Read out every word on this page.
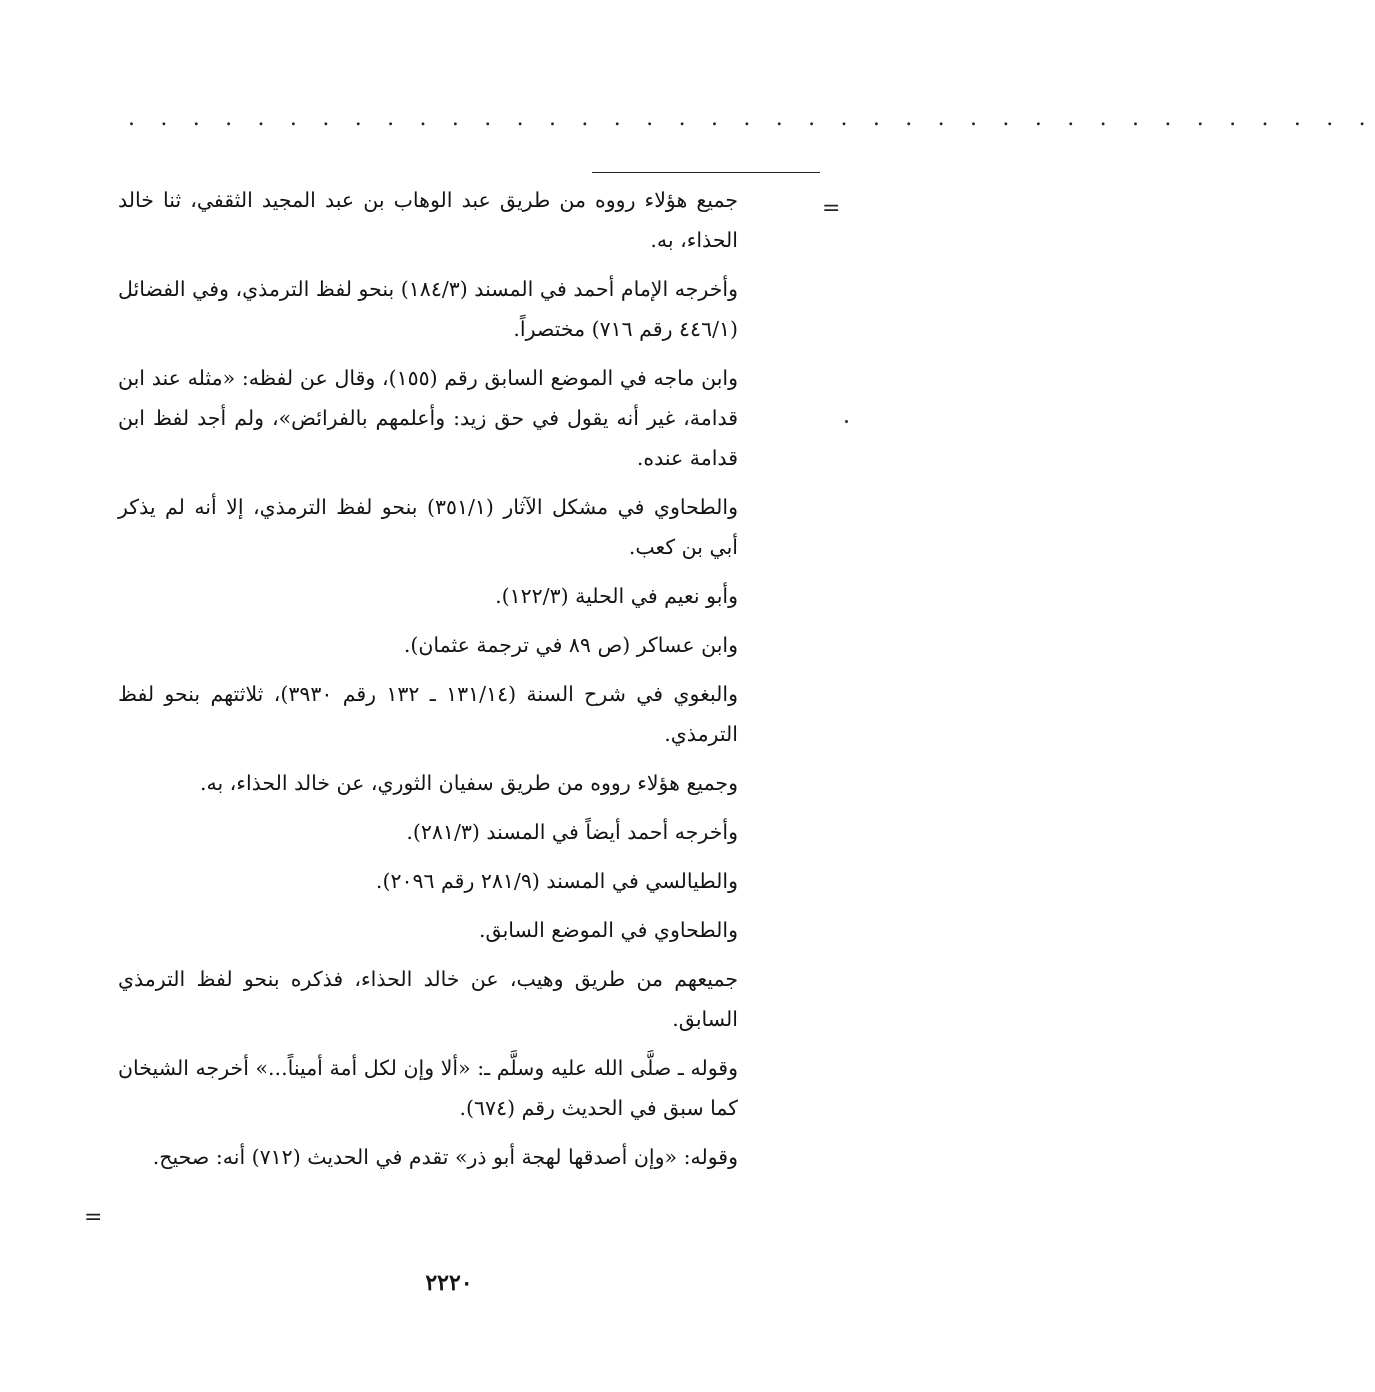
. . . . . . . . . . . . . . . . . . . . . . . . . . . . . . . . . . . . . . .
=

جميع هؤلاء رووه من طريق عبد الوهاب بن عبد المجيد الثقفي، ثنا خالد الحذاء، به.

وأخرجه الإمام أحمد في المسند (١٨٤/٣) بنحو لفظ الترمذي، وفي الفضائل (٤٤٦/١ رقم ٧١٦) مختصراً.

وابن ماجه في الموضع السابق رقم (١٥٥)، وقال عن لفظه: «مثله عند ابن قدامة، غير أنه يقول في حق زيد: وأعلمهم بالفرائض»، ولم أجد لفظ ابن قدامة عنده.

والطحاوي في مشكل الآثار (٣٥١/١) بنحو لفظ الترمذي، إلا أنه لم يذكر أبي بن كعب.

وأبو نعيم في الحلية (١٢٢/٣).

وابن عساكر (ص ٨٩ في ترجمة عثمان).

والبغوي في شرح السنة (١٣١/١٤ ـ ١٣٢ رقم ٣٩٣٠)، ثلاثتهم بنحو لفظ الترمذي.

وجميع هؤلاء رووه من طريق سفيان الثوري، عن خالد الحذاء، به.

وأخرجه أحمد أيضاً في المسند (٢٨١/٣).

والطيالسي في المسند (٢٨١/٩ رقم ٢٠٩٦).

والطحاوي في الموضع السابق.

جميعهم من طريق وهيب، عن خالد الحذاء، فذكره بنحو لفظ الترمذي السابق.

وقوله ـ صلَّى الله عليه وسلَّم ـ: «ألا وإن لكل أمة أميناً...» أخرجه الشيخان كما سبق في الحديث رقم (٦٧٤).

وقوله: «وإن أصدقها لهجة أبو ذر» تقدم في الحديث (٧١٢) أنه: صحيح.

=
٢٢٢٠
